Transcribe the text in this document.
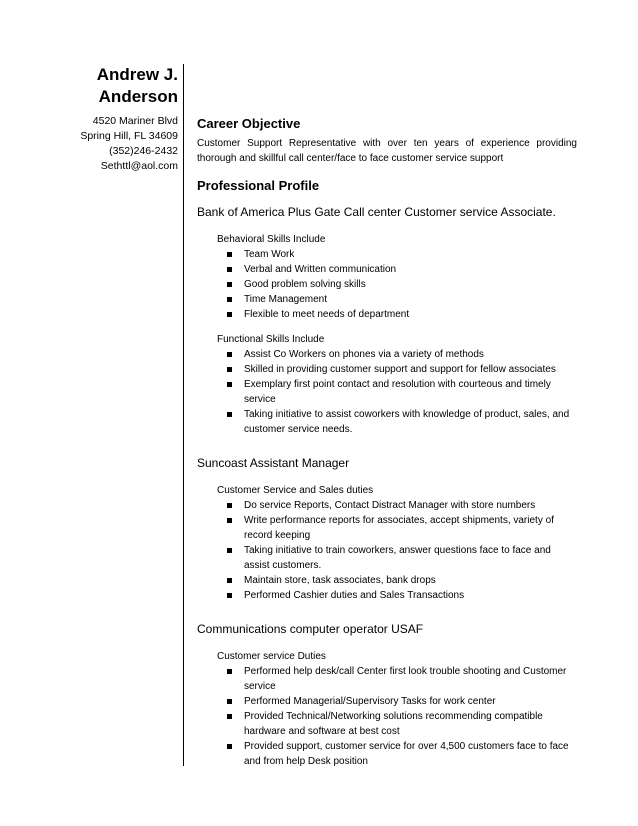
Andrew J.
Anderson
4520 Mariner Blvd
Spring Hill, FL 34609
(352)246-2432
Sethttl@aol.com
Career Objective
Customer Support Representative with over ten years of experience providing thorough and skillful call center/face to face customer service support
Professional Profile
Bank of America Plus Gate Call center Customer service Associate.
Behavioral Skills Include
Team Work
Verbal and Written communication
Good problem solving skills
Time Management
Flexible to meet needs of department
Functional Skills Include
Assist Co Workers on phones via a variety of methods
Skilled in providing customer support and support for fellow associates
Exemplary first point contact and resolution with courteous and timely service
Taking initiative to assist coworkers with knowledge of product, sales, and customer service needs.
Suncoast Assistant Manager
Customer Service and Sales duties
Do service Reports, Contact Distract Manager with store numbers
Write performance reports for associates, accept shipments, variety of record keeping
Taking initiative to train coworkers, answer questions face to face and assist customers.
Maintain store, task associates, bank drops
Performed Cashier duties and Sales Transactions
Communications computer operator USAF
Customer service Duties
Performed help desk/call Center first look trouble shooting and Customer service
Performed Managerial/Supervisory Tasks for work center
Provided Technical/Networking solutions recommending compatible hardware and software at best cost
Provided support, customer service for over 4,500 customers face to face and from help Desk position
